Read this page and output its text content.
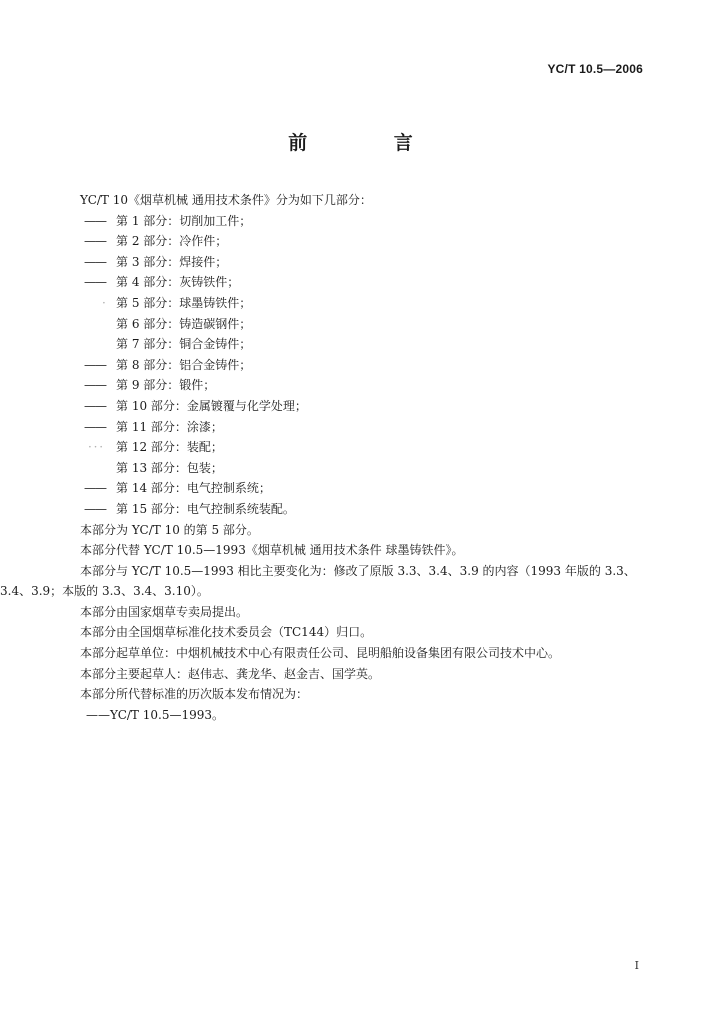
YC/T 10.5—2006
前 言
YC/T 10《烟草机械 通用技术条件》分为如下几部分：
—— 第 1 部分：切削加工件；
—— 第 2 部分：冷作件；
—— 第 3 部分：焊接件；
—— 第 4 部分：灰铸铁件；
· 第 5 部分：球墨铸铁件；
第 6 部分：铸造碳钢件；
第 7 部分：铜合金铸件；
—— 第 8 部分：铝合金铸件；
—— 第 9 部分：锻件；
—— 第 10 部分：金属镀覆与化学处理；
—— 第 11 部分：涂漆；
· · · 第 12 部分：装配；
第 13 部分：包装；
—— 第 14 部分：电气控制系统；
—— 第 15 部分：电气控制系统装配。
本部分为 YC/T 10 的第 5 部分。
本部分代替 YC/T 10.5—1993《烟草机械 通用技术条件 球墨铸铁件》。
本部分与 YC/T 10.5—1993 相比主要变化为：修改了原版 3.3、3.4、3.9 的内容（1993 年版的 3.3、
3.4、3.9；本版的 3.3、3.4、3.10）。
本部分由国家烟草专卖局提出。
本部分由全国烟草标准化技术委员会（TC144）归口。
本部分起草单位：中烟机械技术中心有限责任公司、昆明船舶设备集团有限公司技术中心。
本部分主要起草人：赵伟志、龚龙华、赵金吉、国学英。
本部分所代替标准的历次版本发布情况为：
——YC/T 10.5—1993。
I
